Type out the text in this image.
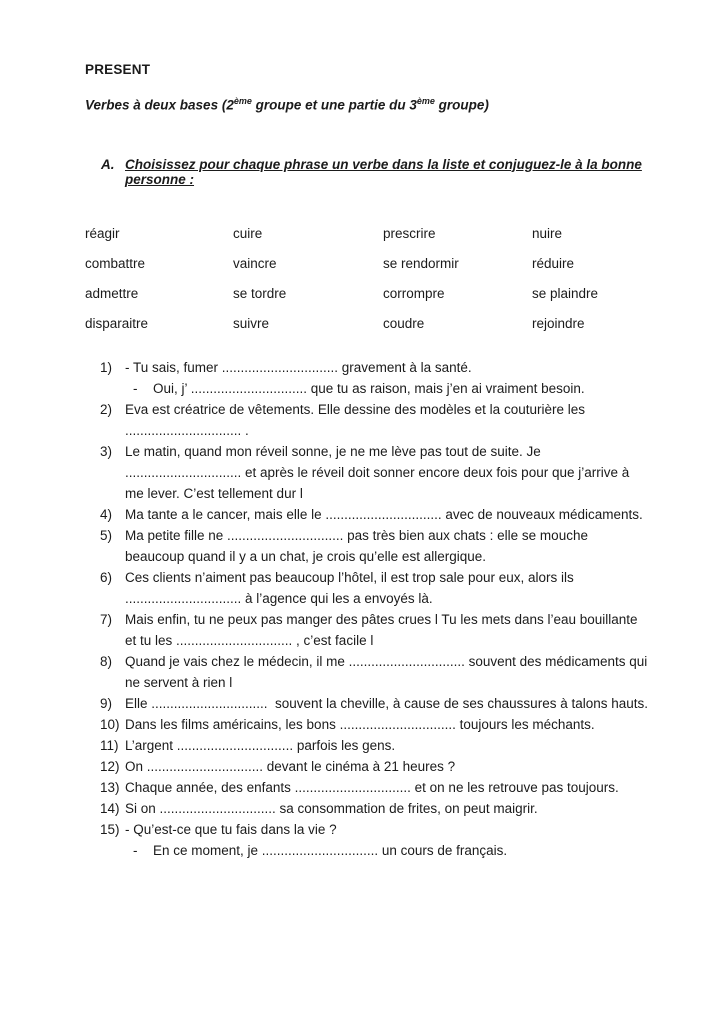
PRESENT
Verbes à deux bases (2ème groupe et une partie du 3ème groupe)
A. Choisissez pour chaque phrase un verbe dans la liste et conjuguez-le à la bonne personne :
réagir	cuire	prescrire	nuire
combattre	vaincre	se rendormir	réduire
admettre	se tordre	corrompre	se plaindre
disparaitre	suivre	coudre	rejoindre
1) - Tu sais, fumer ............................... gravement à la santé.
-	Oui, j’ ............................... que tu as raison, mais j’en ai vraiment besoin.
2) Eva est créatrice de vêtements. Elle dessine des modèles et la couturière les
............................... .
3) Le matin, quand mon réveil sonne, je ne me lève pas tout de suite. Je
............................... et après le réveil doit sonner encore deux fois pour que j’arrive à
me lever. C’est tellement dur l
4) Ma tante a le cancer, mais elle le ............................... avec de nouveaux médicaments.
5) Ma petite fille ne ............................... pas très bien aux chats : elle se mouche
beaucoup quand il y a un chat, je crois qu’elle est allergique.
6) Ces clients n’aiment pas beaucoup l’hôtel, il est trop sale pour eux, alors ils
............................... à l’agence qui les a envoyés là.
7) Mais enfin, tu ne peux pas manger des pâtes crues l Tu les mets dans l’eau bouillante
et tu les ............................... , c’est facile l
8) Quand je vais chez le médecin, il me ............................... souvent des médicaments qui
ne servent à rien l
9) Elle ...............................  souvent la cheville, à cause de ses chaussures à talons hauts.
10) Dans les films américains, les bons ............................... toujours les méchants.
11) L’argent ............................... parfois les gens.
12) On ............................... devant le cinéma à 21 heures ?
13) Chaque année, des enfants ............................... et on ne les retrouve pas toujours.
14) Si on ............................... sa consommation de frites, on peut maigrir.
15) - Qu’est-ce que tu fais dans la vie ?
-	En ce moment, je ............................... un cours de français.
